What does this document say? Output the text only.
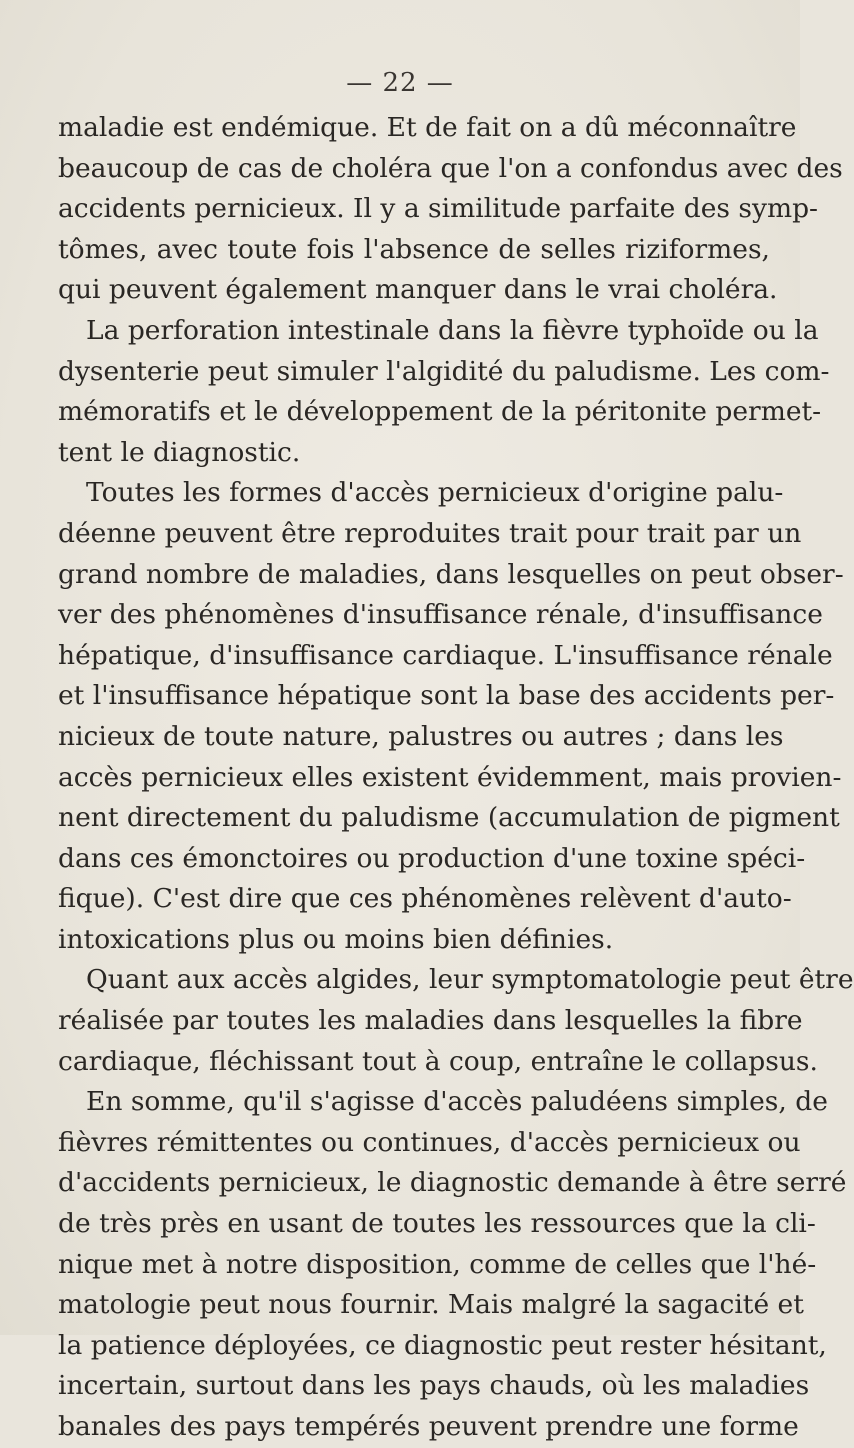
— 22 —
maladie est endémique. Et de fait on a dû méconnaître
beaucoup de cas de choléra que l'on a confondus avec des
accidents pernicieux. Il y a similitude parfaite des symp-
tômes, avec toute fois l'absence de selles riziformes,
qui peuvent également manquer dans le vrai choléra.
La perforation intestinale dans la fièvre typhoïde ou la
dysenterie peut simuler l'algidité du paludisme. Les com-
mémoratifs et le développement de la péritonite permet-
tent le diagnostic.
Toutes les formes d'accès pernicieux d'origine palu-
déenne peuvent être reproduites trait pour trait par un
grand nombre de maladies, dans lesquelles on peut obser-
ver des phénomènes d'insuffisance rénale, d'insuffisance
hépatique, d'insuffisance cardiaque. L'insuffisance rénale
et l'insuffisance hépatique sont la base des accidents per-
nicieux de toute nature, palustres ou autres ; dans les
accès pernicieux elles existent évidemment, mais provien-
nent directement du paludisme (accumulation de pigment
dans ces émonctoires ou production d'une toxine spéci-
fique). C'est dire que ces phénomènes relèvent d'auto-
intoxications plus ou moins bien définies.
Quant aux accès algides, leur symptomatologie peut être
réalisée par toutes les maladies dans lesquelles la fibre
cardiaque, fléchissant tout à coup, entraîne le collapsus.
En somme, qu'il s'agisse d'accès paludéens simples, de
fièvres rémittentes ou continues, d'accès pernicieux ou
d'accidents pernicieux, le diagnostic demande à être serré
de très près en usant de toutes les ressources que la cli-
nique met à notre disposition, comme de celles que l'hé-
matologie peut nous fournir. Mais malgré la sagacité et
la patience déployées, ce diagnostic peut rester hésitant,
incertain, surtout dans les pays chauds, où les maladies
banales des pays tempérés peuvent prendre une forme
